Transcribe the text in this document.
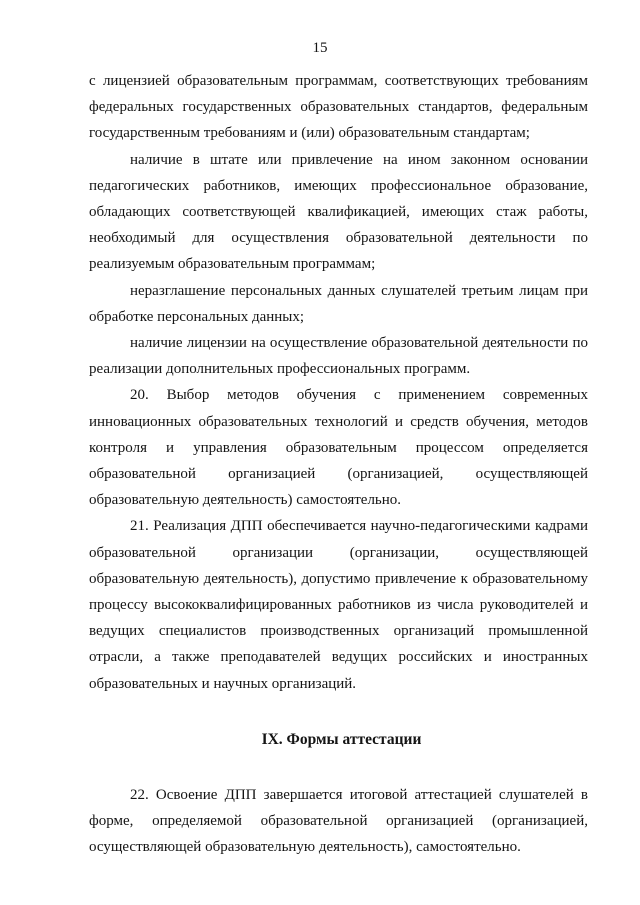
15

с лицензией образовательным программам, соответствующих требованиям федеральных государственных образовательных стандартов, федеральным государственным требованиям и (или) образовательным стандартам;

наличие в штате или привлечение на ином законном основании педагогических работников, имеющих профессиональное образование, обладающих соответствующей квалификацией, имеющих стаж работы, необходимый для осуществления образовательной деятельности по реализуемым образовательным программам;

неразглашение персональных данных слушателей третьим лицам при обработке персональных данных;

наличие лицензии на осуществление образовательной деятельности по реализации дополнительных профессиональных программ.

20. Выбор методов обучения с применением современных инновационных образовательных технологий и средств обучения, методов контроля и управления образовательным процессом определяется образовательной организацией (организацией, осуществляющей образовательную деятельность) самостоятельно.

21. Реализация ДПП обеспечивается научно-педагогическими кадрами образовательной организации (организации, осуществляющей образовательную деятельность), допустимо привлечение к образовательному процессу высококвалифицированных работников из числа руководителей и ведущих специалистов производственных организаций промышленной отрасли, а также преподавателей ведущих российских и иностранных образовательных и научных организаций.

IX. Формы аттестации

22. Освоение ДПП завершается итоговой аттестацией слушателей в форме, определяемой образовательной организацией (организацией, осуществляющей образовательную деятельность), самостоятельно.
